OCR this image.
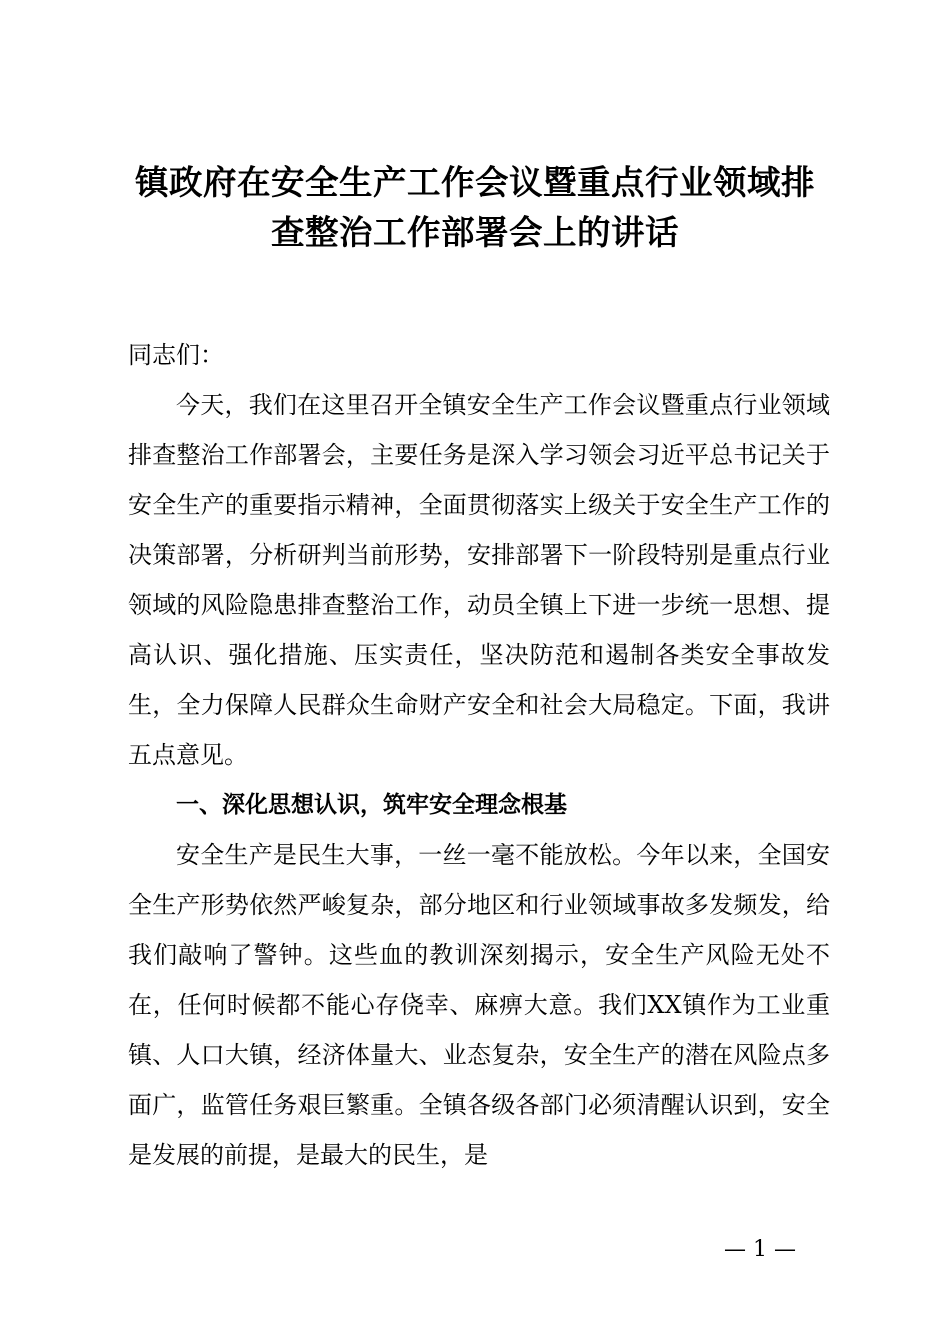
镇政府在安全生产工作会议暨重点行业领域排
查整治工作部署会上的讲话

同志们：

今天，我们在这里召开全镇安全生产工作会议暨重点行业领域排查整治工作部署会，主要任务是深入学习领会习近平总书记关于安全生产的重要指示精神，全面贯彻落实上级关于安全生产工作的决策部署，分析研判当前形势，安排部署下一阶段特别是重点行业领域的风险隐患排查整治工作，动员全镇上下进一步统一思想、提高认识、强化措施、压实责任，坚决防范和遏制各类安全事故发生，全力保障人民群众生命财产安全和社会大局稳定。下面，我讲五点意见。

一、深化思想认识，筑牢安全理念根基

安全生产是民生大事，一丝一毫不能放松。今年以来，全国安全生产形势依然严峻复杂，部分地区和行业领域事故多发频发，给我们敲响了警钟。这些血的教训深刻揭示，安全生产风险无处不在，任何时候都不能心存侥幸、麻痹大意。我们XX镇作为工业重镇、人口大镇，经济体量大、业态复杂，安全生产的潜在风险点多面广，监管任务艰巨繁重。全镇各级各部门必须清醒认识到，安全是发展的前提，是最大的民生，是

— 1 —
